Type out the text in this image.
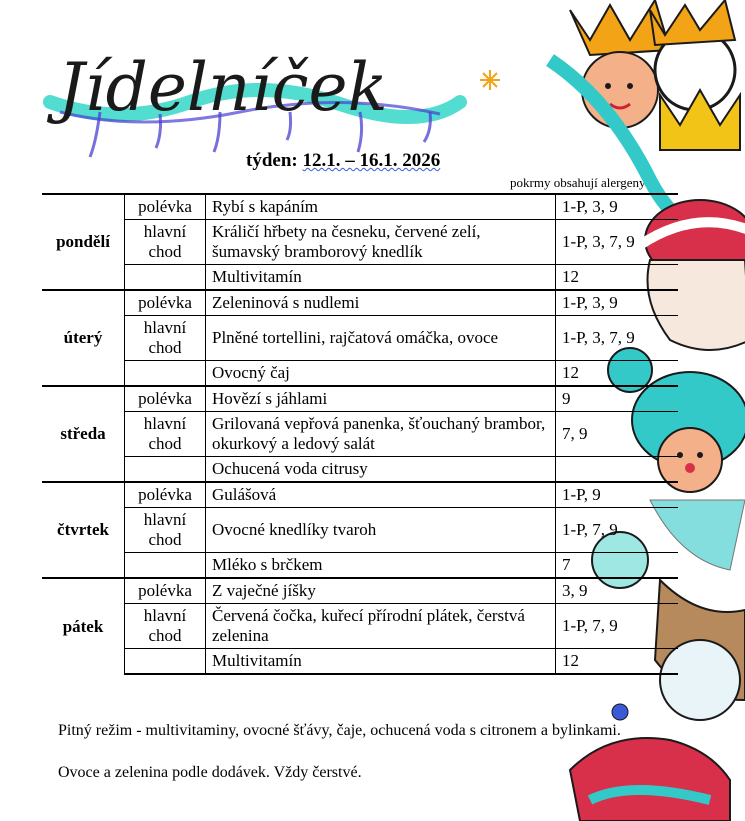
Jídelníček
týden: 12.1. – 16.1. 2026
pokrmy obsahují alergeny
pondělí	polévka	Rybí s kapáním	1-P, 3, 9
	hlavní chod	Králičí hřbety na česneku, červené zelí, šumavský bramborový knedlík	1-P, 3, 7, 9
		Multivitamín	12
úterý	polévka	Zeleninová s nudlemi	1-P, 3, 9
	hlavní chod	Plněné tortellini, rajčatová omáčka, ovoce	1-P, 3, 7, 9
		Ovocný čaj	12
středa	polévka	Hovězí s jáhlami	9
	hlavní chod	Grilovaná vepřová panenka, šťouchaný brambor, okurkový a ledový salát	7, 9
		Ochucená voda citrusy	
čtvrtek	polévka	Gulášová	1-P, 9
	hlavní chod	Ovocné knedlíky tvaroh	1-P, 7, 9
		Mléko s brčkem	7
pátek	polévka	Z vaječné jíšky	3, 9
	hlavní chod	Červená čočka, kuřecí přírodní plátek, čerstvá zelenina	1-P, 7, 9
		Multivitamín	12

Pitný režim - multivitaminy, ovocné šťávy, čaje, ochucená voda s citronem a bylinkami.

Ovoce a zelenina podle dodávek. Vždy čerstvé.
